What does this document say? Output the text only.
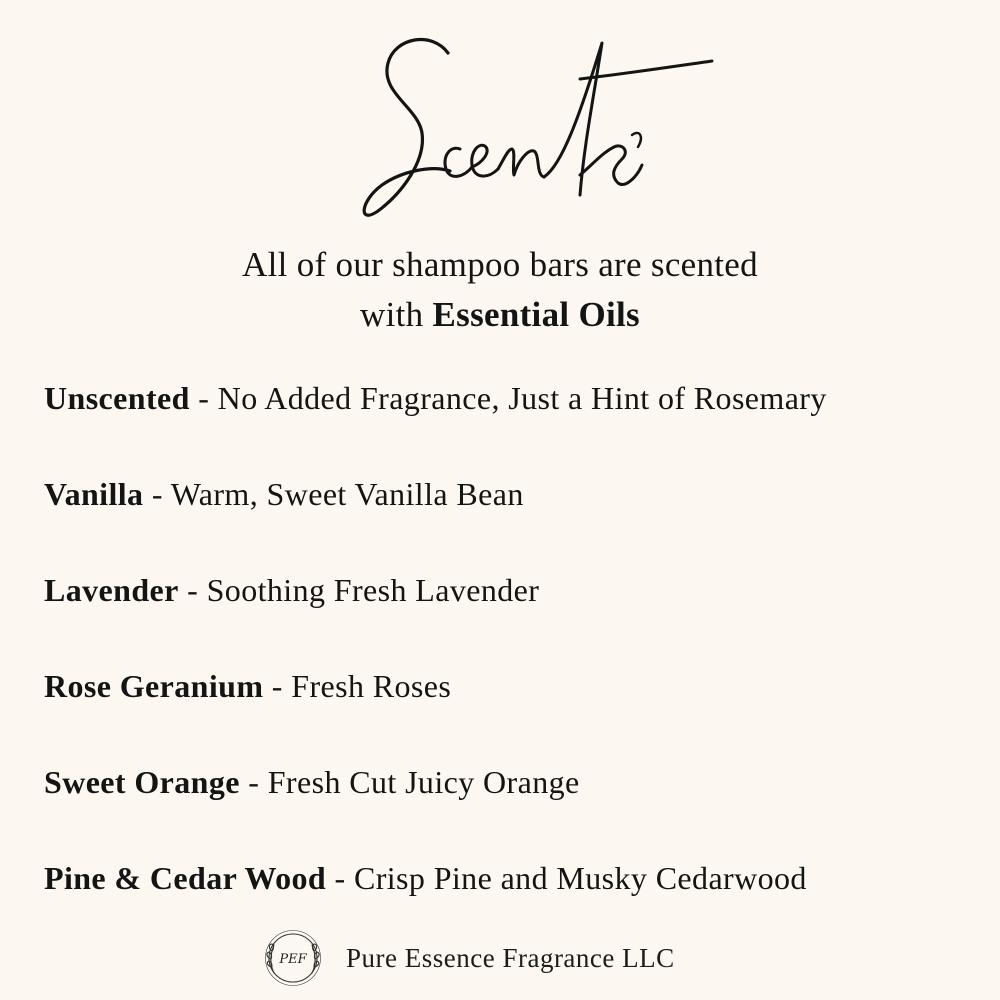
All of our shampoo bars are scented
with Essential Oils
Unscented - No Added Fragrance, Just a Hint of Rosemary
Vanilla - Warm, Sweet Vanilla Bean
Lavender - Soothing Fresh Lavender
Rose Geranium - Fresh Roses
Sweet Orange - Fresh Cut Juicy Orange
Pine & Cedar Wood - Crisp Pine and Musky Cedarwood
PEF Pure Essence Fragrance LLC
